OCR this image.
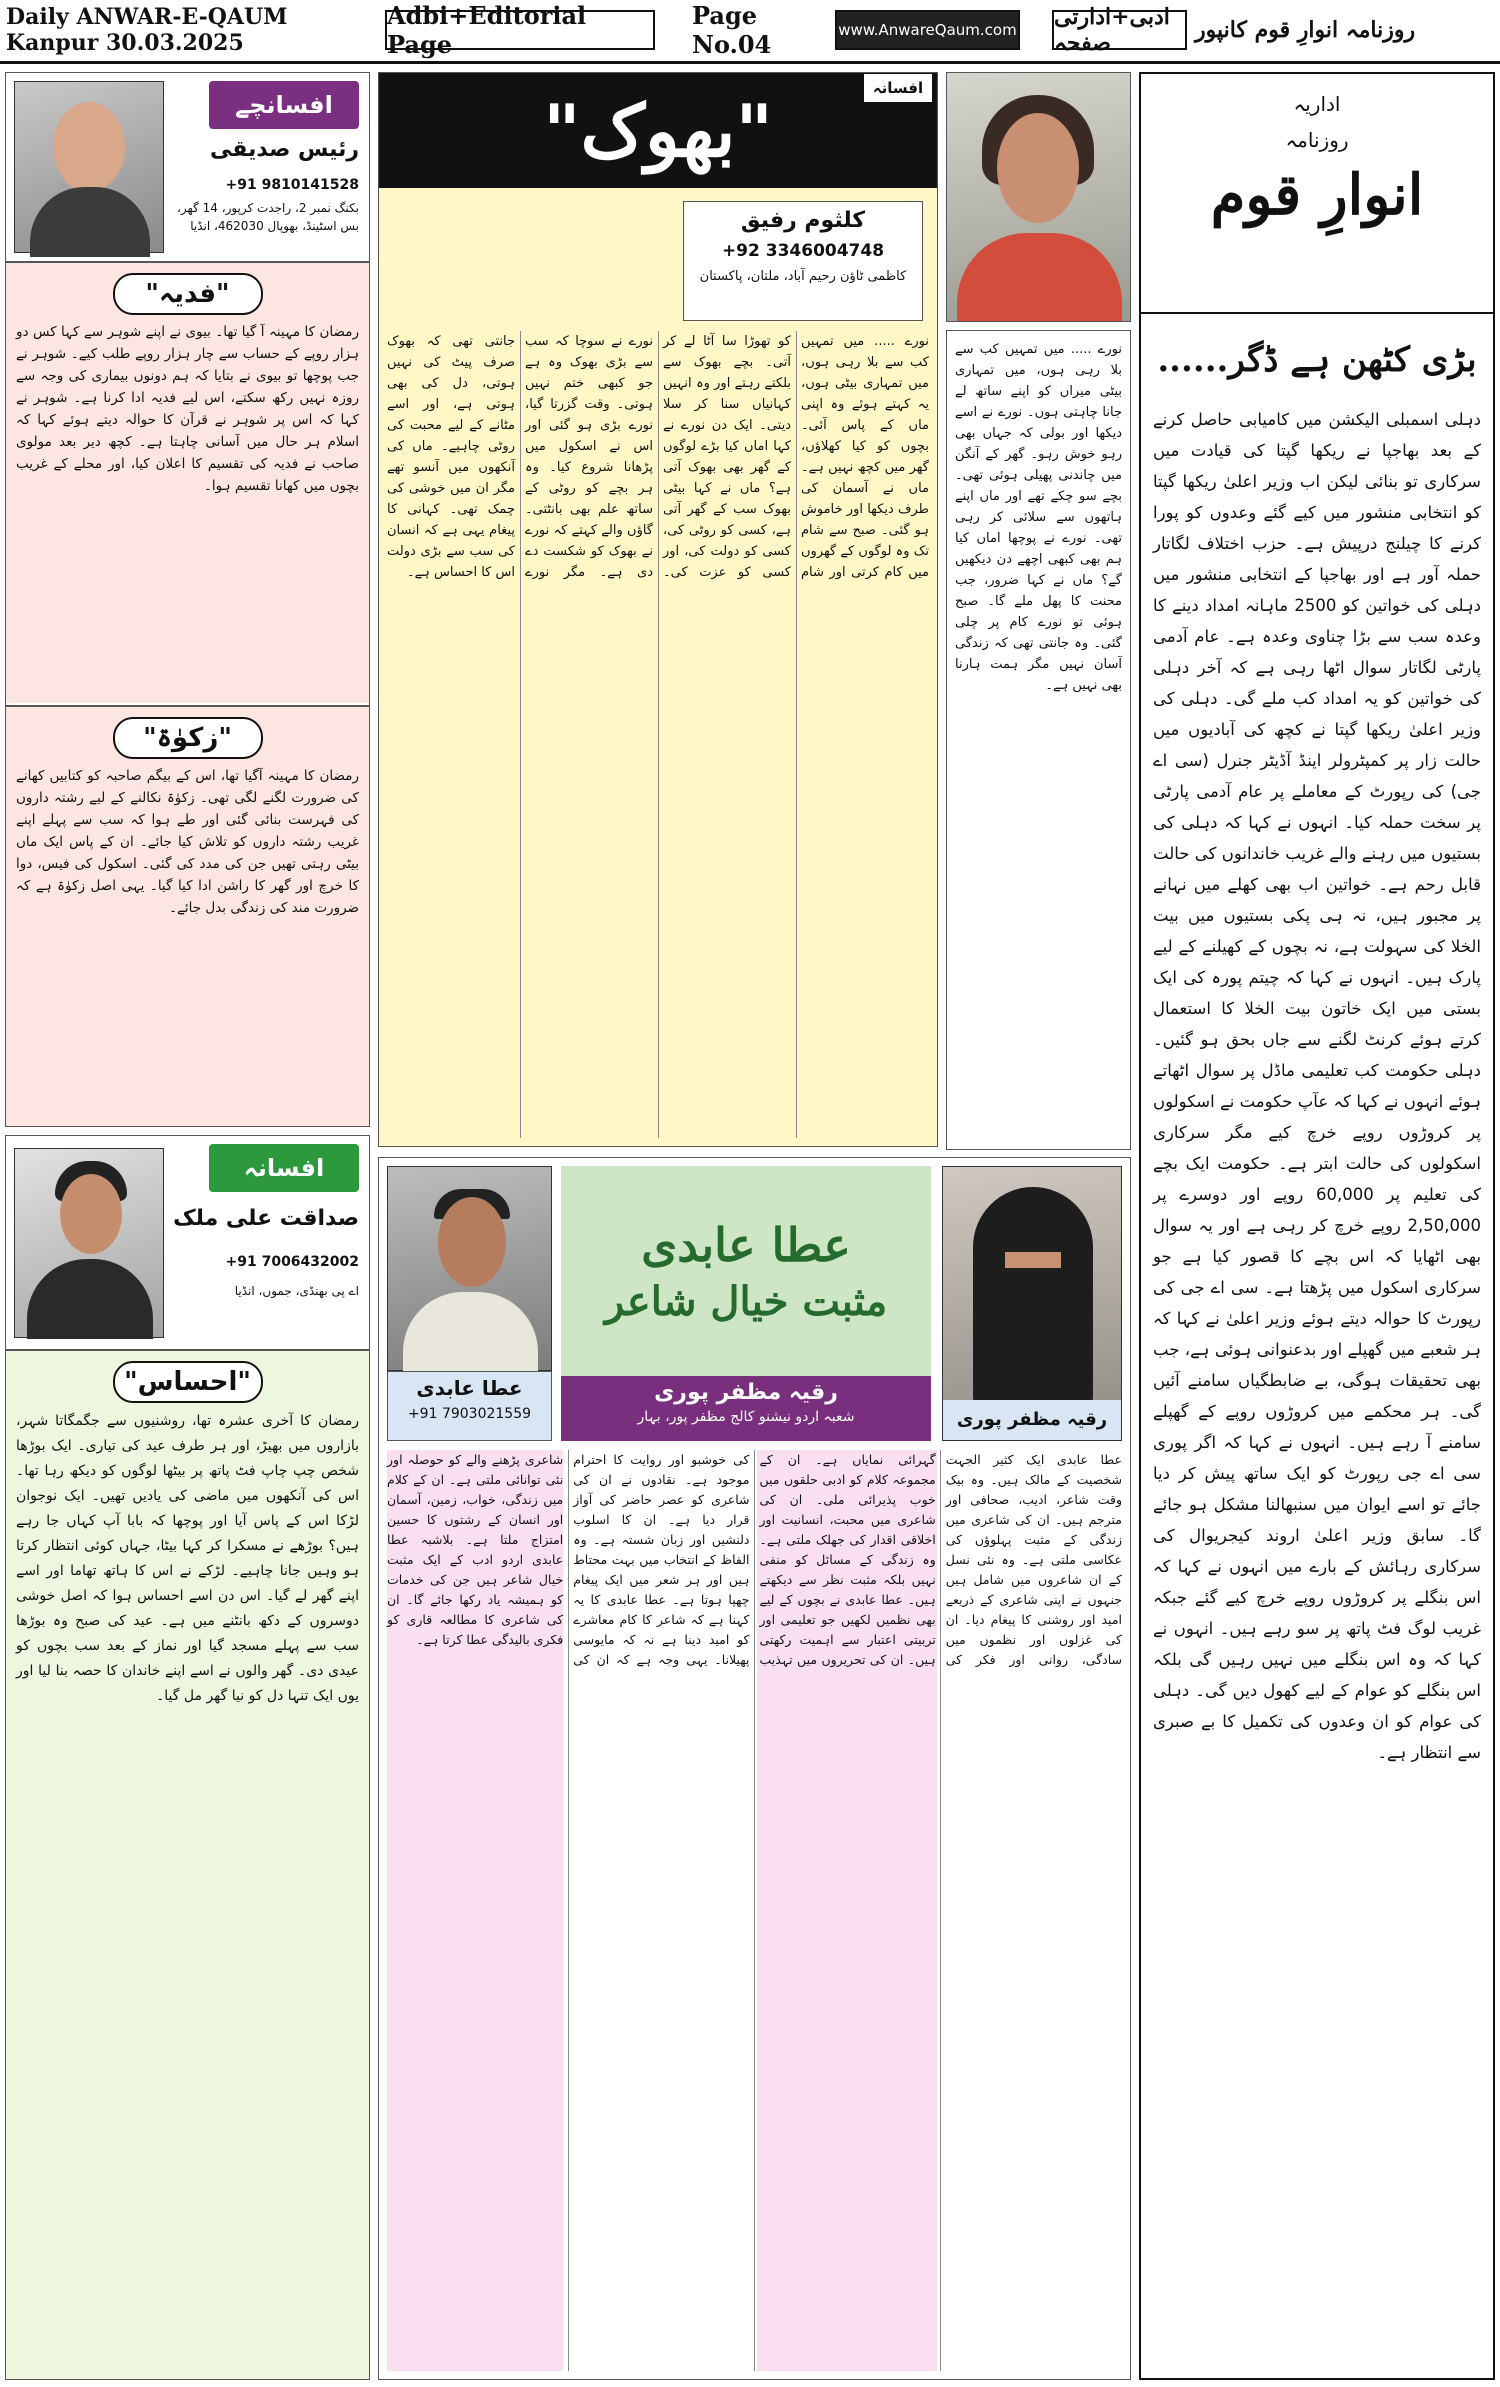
Daily ANWAR-E-QAUM Kanpur 30.03.2025
Adbi+Editorial Page
Page No.04	www.AnwareQaum.com ادبی+ادارتی صفحہ	روزنامہ انوارِ قوم کانپور
افسانچے
رئیس صدیقی
+91 9810141528
بکنگ نمبر 2، راجدت کرپور، 14 گھر، بس اسٹینڈ، بھوپال 462030، انڈیا
"فدیہ"
رمضان کا مہینہ آ گیا تھا۔ بیوی نے اپنے شوہر سے کہا کس دو ہزار روپے کے حساب سے چار ہزار روپے طلب کیے۔ شوہر نے جب پوچھا تو بیوی نے بتایا کہ ہم دونوں بیماری کی وجہ سے روزہ نہیں رکھ سکتے، اس لیے فدیہ ادا کرنا ہے۔ شوہر نے کہا کہ اس پر شوہر نے قرآن کا حوالہ دیتے ہوئے کہا کہ اسلام ہر حال میں آسانی چاہتا ہے۔ کچھ دیر بعد مولوی صاحب نے فدیہ کی تقسیم کا اعلان کیا، اور محلے کے غریب بچوں میں کھانا تقسیم ہوا۔
"زکوٰۃ"
رمضان کا مہینہ آگیا تھا، اس کے بیگم صاحبہ کو کتابیں کھانے کی ضرورت لگنے لگی تھی۔ زکوٰۃ نکالنے کے لیے رشتہ داروں کی فہرست بنائی گئی اور طے ہوا کہ سب سے پہلے اپنے غریب رشتہ داروں کو تلاش کیا جائے۔ ان کے پاس ایک ماں بیٹی رہتی تھیں جن کی مدد کی گئی۔ اسکول کی فیس، دوا کا خرچ اور گھر کا راشن ادا کیا گیا۔ یہی اصل زکوٰۃ ہے کہ ضرورت مند کی زندگی بدل جائے۔
افسانہ
صداقت علی ملک
+91 7006432002
اے پی بھنڈی، جموں، انڈیا
"احساس"
رمضان کا آخری عشرہ تھا، روشنیوں سے جگمگاتا شہر، بازاروں میں بھیڑ، اور ہر طرف عید کی تیاری۔ ایک بوڑھا شخص چپ چاپ فٹ پاتھ پر بیٹھا لوگوں کو دیکھ رہا تھا۔ اس کی آنکھوں میں ماضی کی یادیں تھیں۔ ایک نوجوان لڑکا اس کے پاس آیا اور پوچھا کہ بابا آپ کہاں جا رہے ہیں؟ بوڑھے نے مسکرا کر کہا بیٹا، جہاں کوئی انتظار کرتا ہو وہیں جانا چاہیے۔ لڑکے نے اس کا ہاتھ تھاما اور اسے اپنے گھر لے گیا۔ اس دن اسے احساس ہوا کہ اصل خوشی دوسروں کے دکھ بانٹنے میں ہے۔ عید کی صبح وہ بوڑھا سب سے پہلے مسجد گیا اور نماز کے بعد سب بچوں کو عیدی دی۔ گھر والوں نے اسے اپنے خاندان کا حصہ بنا لیا اور یوں ایک تنہا دل کو نیا گھر مل گیا۔
"بھوک"	افسانہ
کلثوم رفیق
+92 3346004748
کاظمی ٹاؤن رحیم آباد، ملتان، پاکستان
نورے ..... میں تمہیں کب سے بلا رہی ہوں، میں تمہاری بیٹی ہوں، یہ کہتے ہوئے وہ اپنی ماں کے پاس آئی۔ بچوں کو کیا کھلاؤں، گھر میں کچھ نہیں ہے۔ ماں نے آسمان کی طرف دیکھا اور خاموش ہو گئی۔ صبح سے شام تک وہ لوگوں کے گھروں میں کام کرتی اور شام کو تھوڑا سا آٹا لے کر آتی۔ بچے بھوک سے بلکتے رہتے اور وہ انہیں کہانیاں سنا کر سلا دیتی۔ ایک دن نورے نے کہا اماں کیا بڑے لوگوں کے گھر بھی بھوک آتی ہے؟ ماں نے کہا بیٹی بھوک سب کے گھر آتی ہے، کسی کو روٹی کی، کسی کو دولت کی، اور کسی کو عزت کی۔ نورے نے سوچا کہ سب سے بڑی بھوک وہ ہے جو کبھی ختم نہیں ہوتی۔ وقت گزرتا گیا، نورے بڑی ہو گئی اور اس نے اسکول میں پڑھانا شروع کیا۔ وہ ہر بچے کو روٹی کے ساتھ علم بھی بانٹتی۔ گاؤں والے کہتے کہ نورے نے بھوک کو شکست دے دی ہے۔ مگر نورے جانتی تھی کہ بھوک صرف پیٹ کی نہیں ہوتی، دل کی بھی ہوتی ہے، اور اسے مٹانے کے لیے محبت کی روٹی چاہیے۔ ماں کی آنکھوں میں آنسو تھے مگر ان میں خوشی کی چمک تھی۔ کہانی کا پیغام یہی ہے کہ انسان کی سب سے بڑی دولت اس کا احساس ہے۔
نورے ..... میں تمہیں کب سے بلا رہی ہوں، میں تمہاری بیٹی میراں کو اپنے ساتھ لے جانا چاہتی ہوں۔ نورے نے اسے دیکھا اور بولی کہ جہاں بھی رہو خوش رہو۔ گھر کے آنگن میں چاندنی پھیلی ہوئی تھی۔ بچے سو چکے تھے اور ماں اپنے ہاتھوں سے سلائی کر رہی تھی۔ نورے نے پوچھا اماں کیا ہم بھی کبھی اچھے دن دیکھیں گے؟ ماں نے کہا ضرور، جب محنت کا پھل ملے گا۔ صبح ہوئی تو نورے کام پر چلی گئی۔ وہ جانتی تھی کہ زندگی آسان نہیں مگر ہمت ہارنا بھی نہیں ہے۔
اداریہ
روزنامہ
انوارِ قوم
بڑی کٹھن ہے ڈگر......
دہلی اسمبلی الیکشن میں کامیابی حاصل کرنے کے بعد بھاجپا نے ریکھا گپتا کی قیادت میں سرکاری تو بنائی لیکن اب وزیر اعلیٰ ریکھا گپتا کو انتخابی منشور میں کیے گئے وعدوں کو پورا کرنے کا چیلنج درپیش ہے۔ حزب اختلاف لگاتار حملہ آور ہے اور بھاجپا کے انتخابی منشور میں دہلی کی خواتین کو 2500 ماہانہ امداد دینے کا وعدہ سب سے بڑا چناوی وعدہ ہے۔ عام آدمی پارٹی لگاتار سوال اٹھا رہی ہے کہ آخر دہلی کی خواتین کو یہ امداد کب ملے گی۔ دہلی کی وزیر اعلیٰ ریکھا گپتا نے کچھ کی آبادیوں میں حالت زار پر کمپٹرولر اینڈ آڈیٹر جنرل (سی اے جی) کی رپورٹ کے معاملے پر عام آدمی پارٹی پر سخت حملہ کیا۔ انہوں نے کہا کہ دہلی کی بستیوں میں رہنے والے غریب خاندانوں کی حالت قابل رحم ہے۔ خواتین اب بھی کھلے میں نہانے پر مجبور ہیں، نہ ہی پکی بستیوں میں بیت الخلا کی سہولت ہے، نہ بچوں کے کھیلنے کے لیے پارک ہیں۔ انہوں نے کہا کہ چیتم پورہ کی ایک بستی میں ایک خاتون بیت الخلا کا استعمال کرتے ہوئے کرنٹ لگنے سے جاں بحق ہو گئیں۔ دہلی حکومت کب تعلیمی ماڈل پر سوال اٹھاتے ہوئے انہوں نے کہا کہ عآپ حکومت نے اسکولوں پر کروڑوں روپے خرچ کیے مگر سرکاری اسکولوں کی حالت ابتر ہے۔ حکومت ایک بچے کی تعلیم پر 60,000 روپے اور دوسرے پر 2,50,000 روپے خرچ کر رہی ہے اور یہ سوال بھی اٹھایا کہ اس بچے کا قصور کیا ہے جو سرکاری اسکول میں پڑھتا ہے۔ سی اے جی کی رپورٹ کا حوالہ دیتے ہوئے وزیر اعلیٰ نے کہا کہ ہر شعبے میں گھپلے اور بدعنوانی ہوئی ہے، جب بھی تحقیقات ہوگی، بے ضابطگیاں سامنے آئیں گی۔ ہر محکمے میں کروڑوں روپے کے گھپلے سامنے آ رہے ہیں۔ انہوں نے کہا کہ اگر پوری سی اے جی رپورٹ کو ایک ساتھ پیش کر دیا جائے تو اسے ایوان میں سنبھالنا مشکل ہو جائے گا۔ سابق وزیر اعلیٰ اروند کیجریوال کی سرکاری رہائش کے بارے میں انہوں نے کہا کہ اس بنگلے پر کروڑوں روپے خرچ کیے گئے جبکہ غریب لوگ فٹ پاتھ پر سو رہے ہیں۔ انہوں نے کہا کہ وہ اس بنگلے میں نہیں رہیں گی بلکہ اس بنگلے کو عوام کے لیے کھول دیں گی۔ دہلی کی عوام کو ان وعدوں کی تکمیل کا بے صبری سے انتظار ہے۔
عطا عابدی
+91 7903021559
عطا عابدی
مثبت خیال شاعر
رقیہ مظفر پوری
شعبہ اردو نیشنو کالج مظفر پور، بہار	رقیہ مظفر پوری
عطا عابدی ایک کثیر الجہت شخصیت کے مالک ہیں۔ وہ بیک وقت شاعر، ادیب، صحافی اور مترجم ہیں۔ ان کی شاعری میں زندگی کے مثبت پہلوؤں کی عکاسی ملتی ہے۔ وہ نئی نسل کے ان شاعروں میں شامل ہیں جنہوں نے اپنی شاعری کے ذریعے امید اور روشنی کا پیغام دیا۔ ان کی غزلوں اور نظموں میں سادگی، روانی اور فکر کی گہرائی نمایاں ہے۔ ان کے مجموعہ کلام کو ادبی حلقوں میں خوب پذیرائی ملی۔ ان کی شاعری میں محبت، انسانیت اور اخلاقی اقدار کی جھلک ملتی ہے۔ وہ زندگی کے مسائل کو منفی نہیں بلکہ مثبت نظر سے دیکھتے ہیں۔ عطا عابدی نے بچوں کے لیے بھی نظمیں لکھیں جو تعلیمی اور تربیتی اعتبار سے اہمیت رکھتی ہیں۔ ان کی تحریروں میں تہذیب کی خوشبو اور روایت کا احترام موجود ہے۔ نقادوں نے ان کی شاعری کو عصر حاضر کی آواز قرار دیا ہے۔ ان کا اسلوب دلنشیں اور زبان شستہ ہے۔ وہ الفاظ کے انتخاب میں بہت محتاط ہیں اور ہر شعر میں ایک پیغام چھپا ہوتا ہے۔ عطا عابدی کا یہ کہنا ہے کہ شاعر کا کام معاشرے کو امید دینا ہے نہ کہ مایوسی پھیلانا۔ یہی وجہ ہے کہ ان کی شاعری پڑھنے والے کو حوصلہ اور نئی توانائی ملتی ہے۔ ان کے کلام میں زندگی، خواب، زمین، آسمان اور انسان کے رشتوں کا حسین امتزاج ملتا ہے۔ بلاشبہ عطا عابدی اردو ادب کے ایک مثبت خیال شاعر ہیں جن کی خدمات کو ہمیشہ یاد رکھا جائے گا۔ ان کی شاعری کا مطالعہ قاری کو فکری بالیدگی عطا کرتا ہے۔
